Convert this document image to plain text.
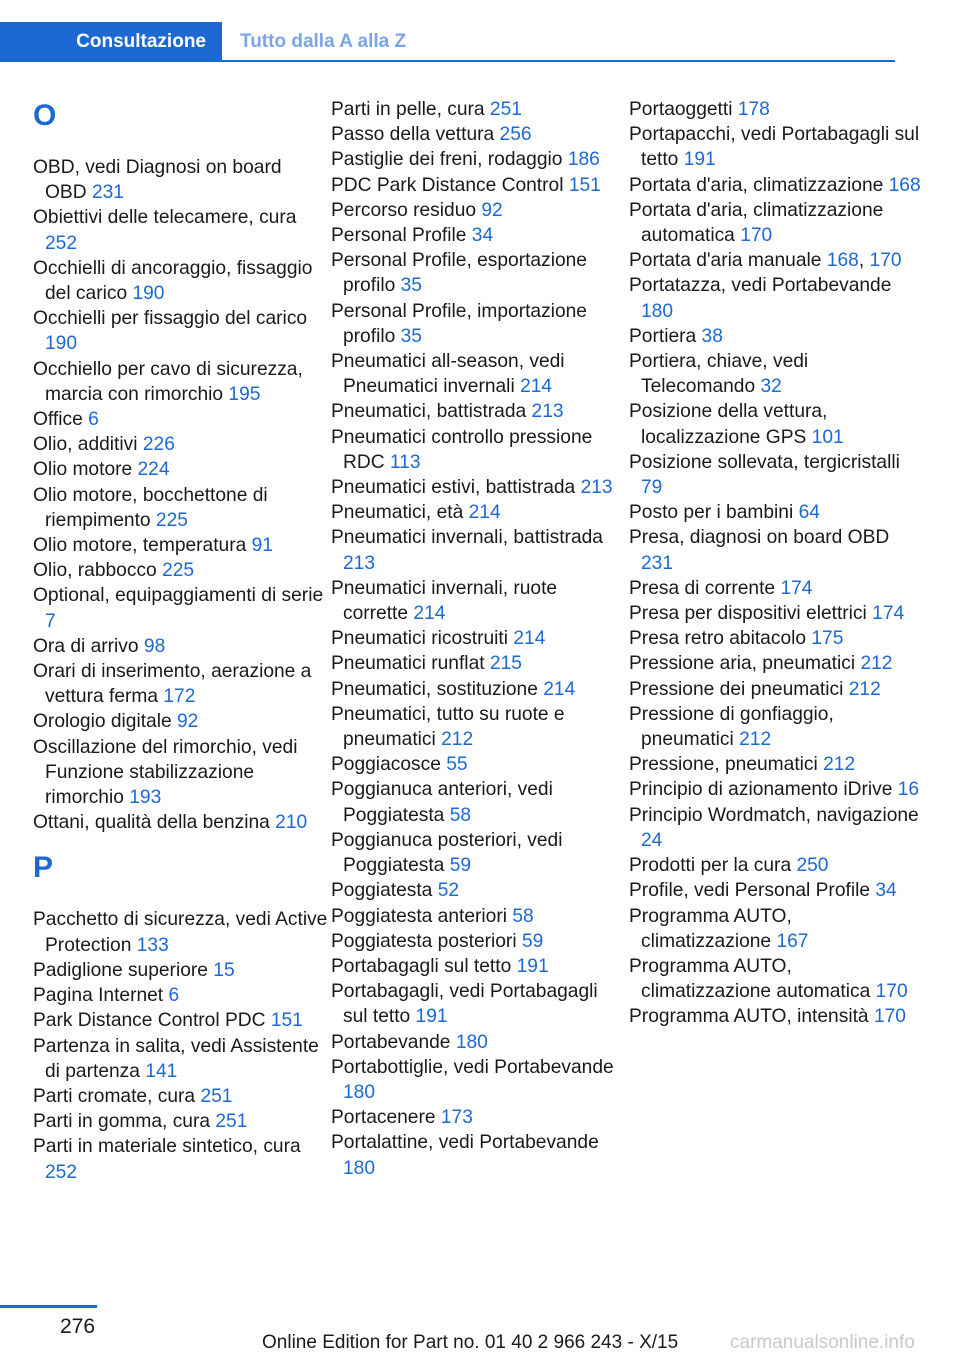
Consultazione Tutto dalla A alla Z
O
OBD, vedi Diagnosi on board OBD 231
Obiettivi delle telecamere, cura 252
Occhielli di ancoraggio, fissaggio del carico 190
Occhielli per fissaggio del carico 190
Occhiello per cavo di sicurezza, marcia con rimorchio 195
Office 6
Olio, additivi 226
Olio motore 224
Olio motore, bocchettone di riempimento 225
Olio motore, temperatura 91
Olio, rabbocco 225
Optional, equipaggiamenti di serie 7
Ora di arrivo 98
Orari di inserimento, aerazione a vettura ferma 172
Orologio digitale 92
Oscillazione del rimorchio, vedi Funzione stabilizzazione rimorchio 193
Ottani, qualità della benzina 210
P
Pacchetto di sicurezza, vedi Active Protection 133
Padiglione superiore 15
Pagina Internet 6
Park Distance Control PDC 151
Partenza in salita, vedi Assistente di partenza 141
Parti cromate, cura 251
Parti in gomma, cura 251
Parti in materiale sintetico, cura 252
Parti in pelle, cura 251
Passo della vettura 256
Pastiglie dei freni, rodaggio 186
PDC Park Distance Control 151
Percorso residuo 92
Personal Profile 34
Personal Profile, esportazione profilo 35
Personal Profile, importazione profilo 35
Pneumatici all-season, vedi Pneumatici invernali 214
Pneumatici, battistrada 213
Pneumatici controllo pressione RDC 113
Pneumatici estivi, battistrada 213
Pneumatici, età 214
Pneumatici invernali, battistrada 213
Pneumatici invernali, ruote corrette 214
Pneumatici ricostruiti 214
Pneumatici runflat 215
Pneumatici, sostituzione 214
Pneumatici, tutto su ruote e pneumatici 212
Poggiacosce 55
Poggianuca anteriori, vedi Poggiatesta 58
Poggianuca posteriori, vedi Poggiatesta 59
Poggiatesta 52
Poggiatesta anteriori 58
Poggiatesta posteriori 59
Portabagagli sul tetto 191
Portabagagli, vedi Portabagagli sul tetto 191
Portabevande 180
Portabottiglie, vedi Portabevande 180
Portacenere 173
Portalattine, vedi Portabevande 180
Portaoggetti 178
Portapacchi, vedi Portabagagli sul tetto 191
Portata d'aria, climatizzazione 168
Portata d'aria, climatizzazione automatica 170
Portata d'aria manuale 168, 170
Portatazza, vedi Portabevande 180
Portiera 38
Portiera, chiave, vedi Telecomando 32
Posizione della vettura, localizzazione GPS 101
Posizione sollevata, tergicristalli 79
Posto per i bambini 64
Presa, diagnosi on board OBD 231
Presa di corrente 174
Presa per dispositivi elettrici 174
Presa retro abitacolo 175
Pressione aria, pneumatici 212
Pressione dei pneumatici 212
Pressione di gonfiaggio, pneumatici 212
Pressione, pneumatici 212
Principio di azionamento iDrive 16
Principio Wordmatch, navigazione 24
Prodotti per la cura 250
Profile, vedi Personal Profile 34
Programma AUTO, climatizzazione 167
Programma AUTO, climatizzazione automatica 170
Programma AUTO, intensità 170
276
Online Edition for Part no. 01 40 2 966 243 - X/15	carmanualsonline.info
